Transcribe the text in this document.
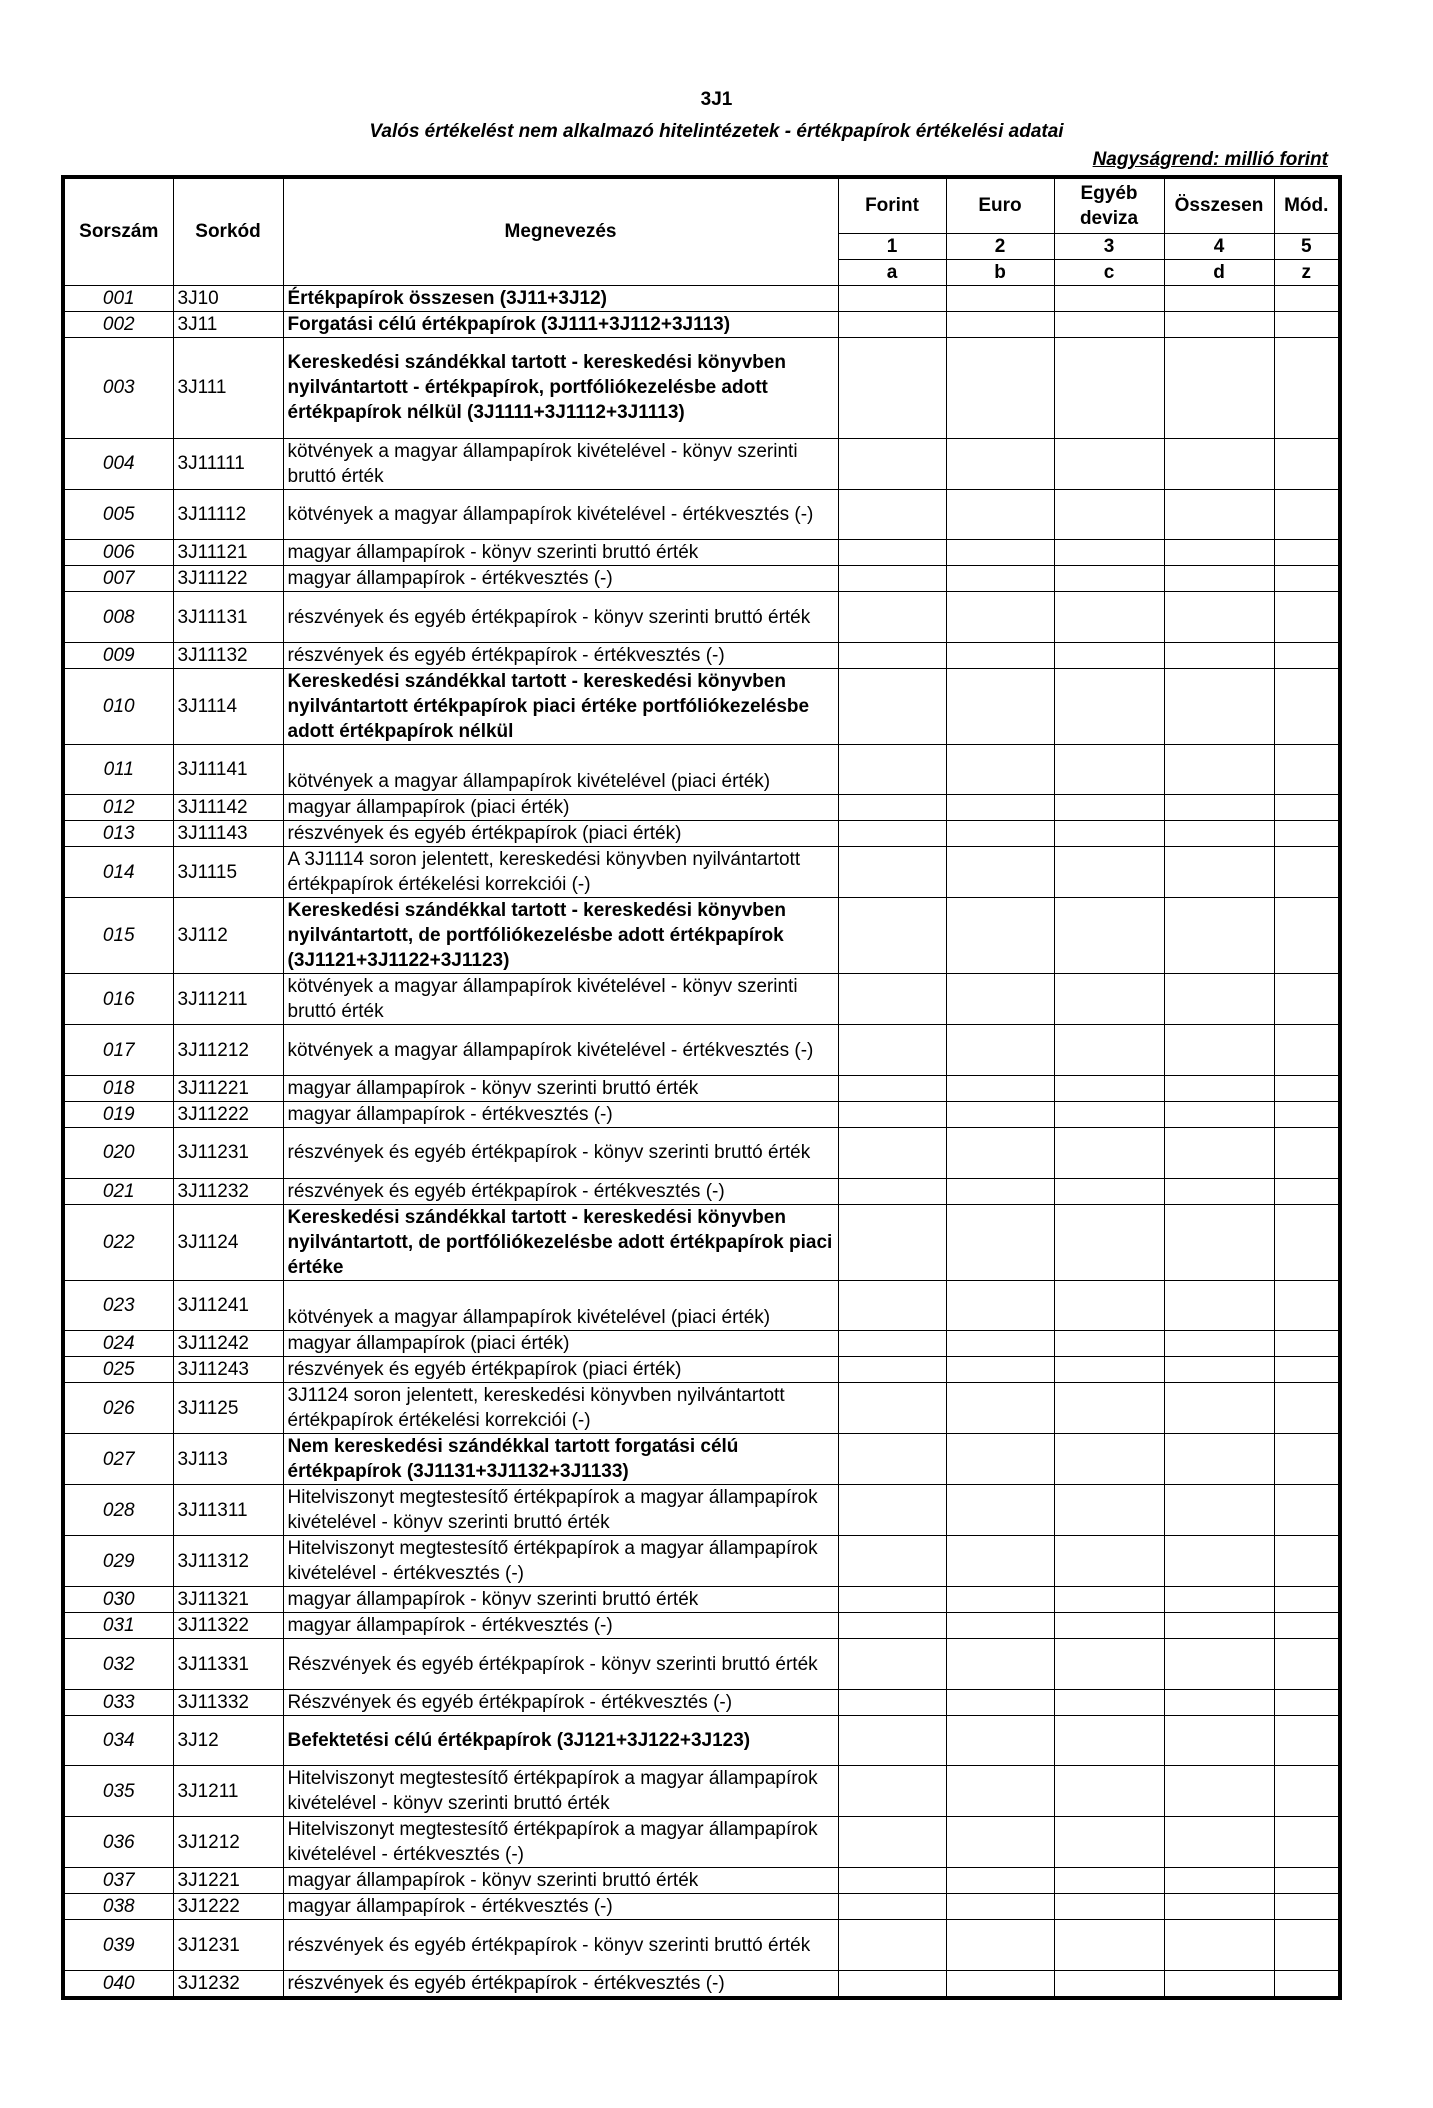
3J1
Valós értékelést nem alkalmazó hitelintézetek - értékpapírok értékelési adatai
Nagyságrend: millió forint
Sorszám	Sorkód	Megnevezés	Forint	Euro	Egyéb deviza	Összesen	Mód.
			1	2	3	4	5
			a	b	c	d	z
001	3J10	Értékpapírok összesen (3J11+3J12)					
002	3J11	Forgatási célú értékpapírok (3J111+3J112+3J113)					
003	3J111	Kereskedési szándékkal tartott - kereskedési könyvben nyilvántartott - értékpapírok, portfóliókezelésbe adott értékpapírok nélkül (3J1111+3J1112+3J1113)					
004	3J11111	kötvények a magyar állampapírok kivételével - könyv szerinti bruttó érték					
005	3J11112	kötvények a magyar állampapírok kivételével - értékvesztés (-)					
006	3J11121	magyar állampapírok - könyv szerinti bruttó érték					
007	3J11122	magyar állampapírok - értékvesztés (-)					
008	3J11131	részvények és egyéb értékpapírok - könyv szerinti bruttó érték					
009	3J11132	részvények és egyéb értékpapírok - értékvesztés (-)					
010	3J1114	Kereskedési szándékkal tartott - kereskedési könyvben nyilvántartott értékpapírok piaci értéke portfóliókezelésbe adott értékpapírok nélkül					
011	3J11141	kötvények a magyar állampapírok kivételével (piaci érték)					
012	3J11142	magyar állampapírok (piaci érték)					
013	3J11143	részvények és egyéb értékpapírok (piaci érték)					
014	3J1115	A 3J1114 soron jelentett, kereskedési könyvben nyilvántartott értékpapírok értékelési korrekciói (-)					
015	3J112	Kereskedési szándékkal tartott - kereskedési könyvben nyilvántartott, de portfóliókezelésbe adott értékpapírok (3J1121+3J1122+3J1123)					
016	3J11211	kötvények a magyar állampapírok kivételével - könyv szerinti bruttó érték					
017	3J11212	kötvények a magyar állampapírok kivételével - értékvesztés (-)					
018	3J11221	magyar állampapírok - könyv szerinti bruttó érték					
019	3J11222	magyar állampapírok - értékvesztés (-)					
020	3J11231	részvények és egyéb értékpapírok - könyv szerinti bruttó érték					
021	3J11232	részvények és egyéb értékpapírok - értékvesztés (-)					
022	3J1124	Kereskedési szándékkal tartott - kereskedési könyvben nyilvántartott, de portfóliókezelésbe adott értékpapírok piaci értéke					
023	3J11241	kötvények a magyar állampapírok kivételével (piaci érték)					
024	3J11242	magyar állampapírok (piaci érték)					
025	3J11243	részvények és egyéb értékpapírok (piaci érték)					
026	3J1125	3J1124 soron jelentett, kereskedési könyvben nyilvántartott értékpapírok értékelési korrekciói (-)					
027	3J113	Nem kereskedési szándékkal tartott forgatási célú értékpapírok (3J1131+3J1132+3J1133)					
028	3J11311	Hitelviszonyt megtestesítő értékpapírok a magyar állampapírok kivételével - könyv szerinti bruttó érték					
029	3J11312	Hitelviszonyt megtestesítő értékpapírok a magyar állampapírok kivételével - értékvesztés (-)					
030	3J11321	magyar állampapírok - könyv szerinti bruttó érték					
031	3J11322	magyar állampapírok - értékvesztés (-)					
032	3J11331	Részvények és egyéb értékpapírok - könyv szerinti bruttó érték					
033	3J11332	Részvények és egyéb értékpapírok - értékvesztés (-)					
034	3J12	Befektetési célú értékpapírok (3J121+3J122+3J123)					
035	3J1211	Hitelviszonyt megtestesítő értékpapírok a magyar állampapírok kivételével - könyv szerinti bruttó érték					
036	3J1212	Hitelviszonyt megtestesítő értékpapírok a magyar állampapírok kivételével - értékvesztés (-)					
037	3J1221	magyar állampapírok - könyv szerinti bruttó érték					
038	3J1222	magyar állampapírok - értékvesztés (-)					
039	3J1231	részvények és egyéb értékpapírok - könyv szerinti bruttó érték					
040	3J1232	részvények és egyéb értékpapírok - értékvesztés (-)					
